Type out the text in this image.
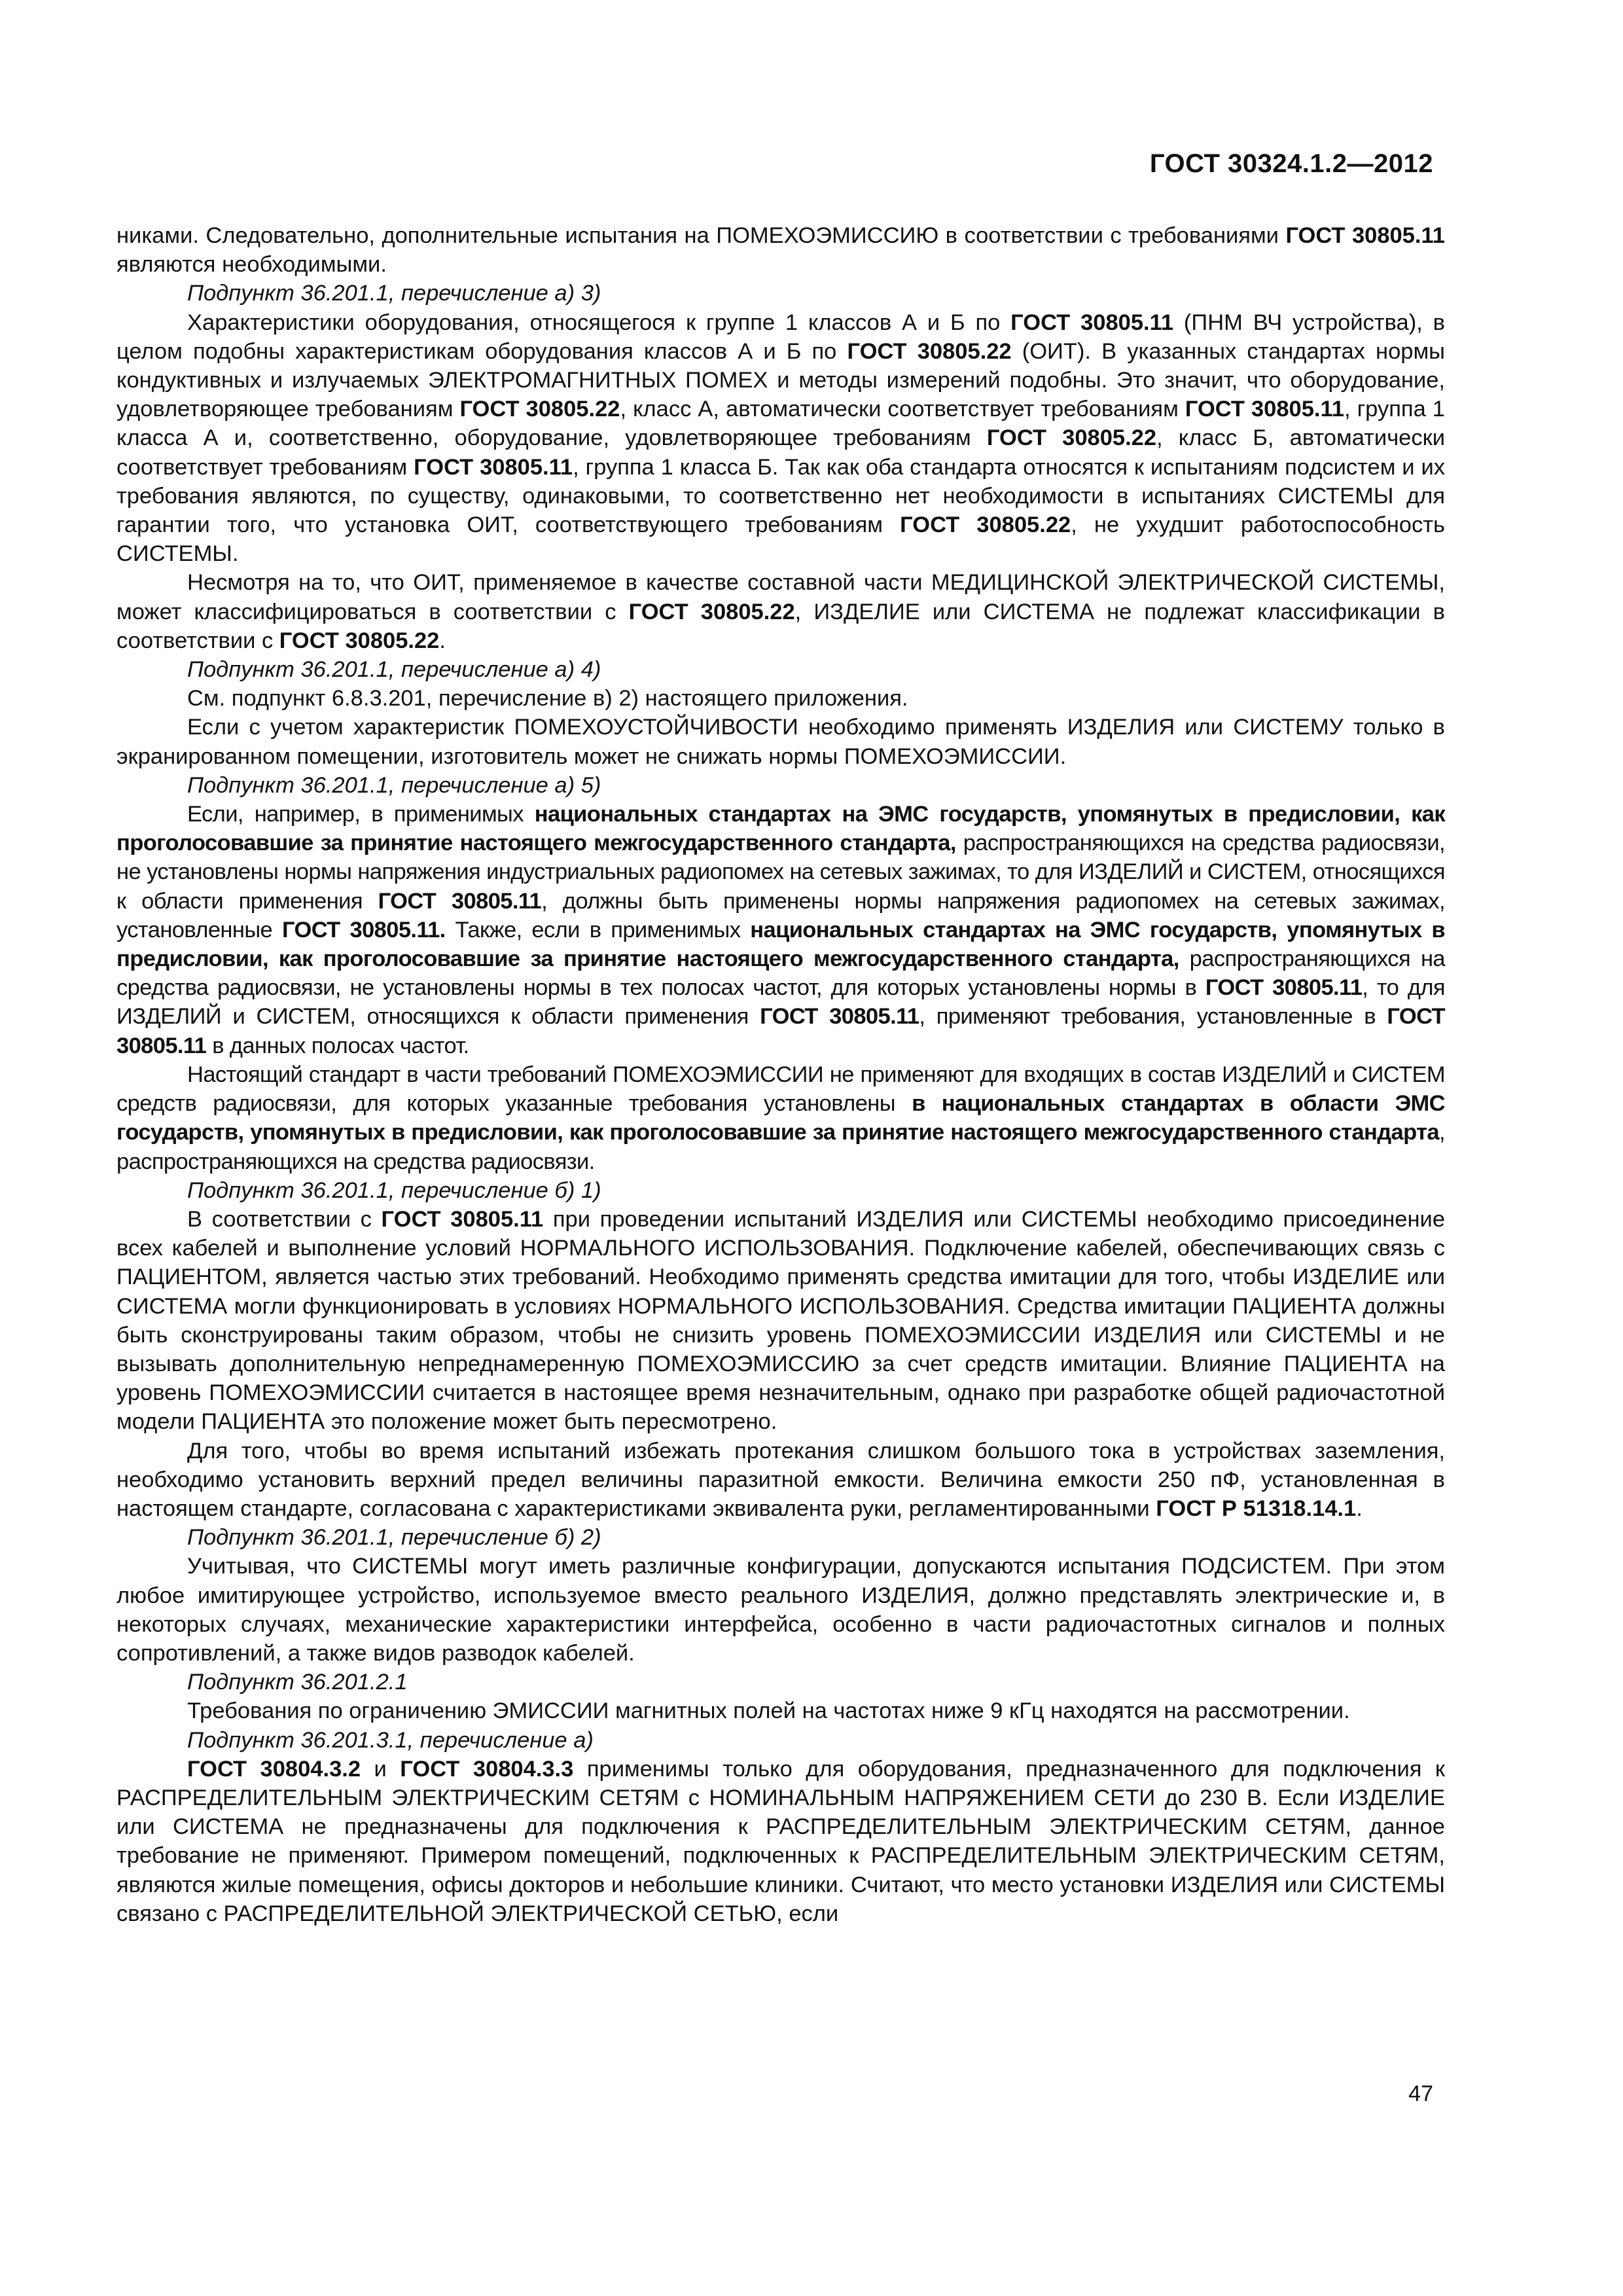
ГОСТ 30324.1.2—2012

никами. Следовательно, дополнительные испытания на ПОМЕХОЭМИССИЮ в соответствии с требованиями ГОСТ 30805.11 являются необходимыми.

Подпункт 36.201.1, перечисление а) 3)

Характеристики оборудования, относящегося к группе 1 классов А и Б по ГОСТ 30805.11 (ПНМ ВЧ устройства), в целом подобны характеристикам оборудования классов А и Б по ГОСТ 30805.22 (ОИТ). В указанных стандартах нормы кондуктивных и излучаемых ЭЛЕКТРОМАГНИТНЫХ ПОМЕХ и методы измерений подобны. Это значит, что оборудование, удовлетворяющее требованиям ГОСТ 30805.22, класс А, автоматически соответствует требованиям ГОСТ 30805.11, группа 1 класса А и, соответственно, оборудование, удовлетворяющее требованиям ГОСТ 30805.22, класс Б, автоматически соответствует требованиям ГОСТ 30805.11, группа 1 класса Б. Так как оба стандарта относятся к испытаниям подсистем и их требования являются, по существу, одинаковыми, то соответственно нет необходимости в испытаниях СИСТЕМЫ для гарантии того, что установка ОИТ, соответствующего требованиям ГОСТ 30805.22, не ухудшит работоспособность СИСТЕМЫ.

Несмотря на то, что ОИТ, применяемое в качестве составной части МЕДИЦИНСКОЙ ЭЛЕКТРИЧЕСКОЙ СИСТЕМЫ, может классифицироваться в соответствии с ГОСТ 30805.22, ИЗДЕЛИЕ или СИСТЕМА не подлежат классификации в соответствии с ГОСТ 30805.22.

Подпункт 36.201.1, перечисление а) 4)

См. подпункт 6.8.3.201, перечисление в) 2) настоящего приложения.

Если с учетом характеристик ПОМЕХОУСТОЙЧИВОСТИ необходимо применять ИЗДЕЛИЯ или СИСТЕМУ только в экранированном помещении, изготовитель может не снижать нормы ПОМЕХОЭМИССИИ.

Подпункт 36.201.1, перечисление а) 5)

Если, например, в применимых национальных стандартах на ЭМС государств, упомянутых в предисловии, как проголосовавшие за принятие настоящего межгосударственного стандарта, распространяющихся на средства радиосвязи, не установлены нормы напряжения индустриальных радиопомех на сетевых зажимах, то для ИЗДЕЛИЙ и СИСТЕМ, относящихся к области применения ГОСТ 30805.11, должны быть применены нормы напряжения радиопомех на сетевых зажимах, установленные ГОСТ 30805.11. Также, если в применимых национальных стандартах на ЭМС государств, упомянутых в предисловии, как проголосовавшие за принятие настоящего межгосударственного стандарта, распространяющихся на средства радиосвязи, не установлены нормы в тех полосах частот, для которых установлены нормы в ГОСТ 30805.11, то для ИЗДЕЛИЙ и СИСТЕМ, относящихся к области применения ГОСТ 30805.11, применяют требования, установленные в ГОСТ 30805.11 в данных полосах частот.

Настоящий стандарт в части требований ПОМЕХОЭМИССИИ не применяют для входящих в состав ИЗДЕЛИЙ и СИСТЕМ средств радиосвязи, для которых указанные требования установлены в национальных стандартах в области ЭМС государств, упомянутых в предисловии, как проголосовавшие за принятие настоящего межгосударственного стандарта, распространяющихся на средства радиосвязи.

Подпункт 36.201.1, перечисление б) 1)

В соответствии с ГОСТ 30805.11 при проведении испытаний ИЗДЕЛИЯ или СИСТЕМЫ необходимо присоединение всех кабелей и выполнение условий НОРМАЛЬНОГО ИСПОЛЬЗОВАНИЯ. Подключение кабелей, обеспечивающих связь с ПАЦИЕНТОМ, является частью этих требований. Необходимо применять средства имитации для того, чтобы ИЗДЕЛИЕ или СИСТЕМА могли функционировать в условиях НОРМАЛЬНОГО ИСПОЛЬЗОВАНИЯ. Средства имитации ПАЦИЕНТА должны быть сконструированы таким образом, чтобы не снизить уровень ПОМЕХОЭМИССИИ ИЗДЕЛИЯ или СИСТЕМЫ и не вызывать дополнительную непреднамеренную ПОМЕХОЭМИССИЮ за счет средств имитации. Влияние ПАЦИЕНТА на уровень ПОМЕХОЭМИССИИ считается в настоящее время незначительным, однако при разработке общей радиочастотной модели ПАЦИЕНТА это положение может быть пересмотрено.

Для того, чтобы во время испытаний избежать протекания слишком большого тока в устройствах заземления, необходимо установить верхний предел величины паразитной емкости. Величина емкости 250 пФ, установленная в настоящем стандарте, согласована с характеристиками эквивалента руки, регламентированными ГОСТ Р 51318.14.1.

Подпункт 36.201.1, перечисление б) 2)

Учитывая, что СИСТЕМЫ могут иметь различные конфигурации, допускаются испытания ПОДСИСТЕМ. При этом любое имитирующее устройство, используемое вместо реального ИЗДЕЛИЯ, должно представлять электрические и, в некоторых случаях, механические характеристики интерфейса, особенно в части радиочастотных сигналов и полных сопротивлений, а также видов разводок кабелей.

Подпункт 36.201.2.1

Требования по ограничению ЭМИССИИ магнитных полей на частотах ниже 9 кГц находятся на рассмотрении.

Подпункт 36.201.3.1, перечисление а)

ГОСТ 30804.3.2 и ГОСТ 30804.3.3 применимы только для оборудования, предназначенного для подключения к РАСПРЕДЕЛИТЕЛЬНЫМ ЭЛЕКТРИЧЕСКИМ СЕТЯМ с НОМИНАЛЬНЫМ НАПРЯЖЕНИЕМ СЕТИ до 230 В. Если ИЗДЕЛИЕ или СИСТЕМА не предназначены для подключения к РАСПРЕДЕЛИТЕЛЬНЫМ ЭЛЕКТРИЧЕСКИМ СЕТЯМ, данное требование не применяют. Примером помещений, подключенных к РАСПРЕДЕЛИТЕЛЬНЫМ ЭЛЕКТРИЧЕСКИМ СЕТЯМ, являются жилые помещения, офисы докторов и небольшие клиники. Считают, что место установки ИЗДЕЛИЯ или СИСТЕМЫ связано с РАСПРЕДЕЛИТЕЛЬНОЙ ЭЛЕКТРИЧЕСКОЙ СЕТЬЮ, если

47
